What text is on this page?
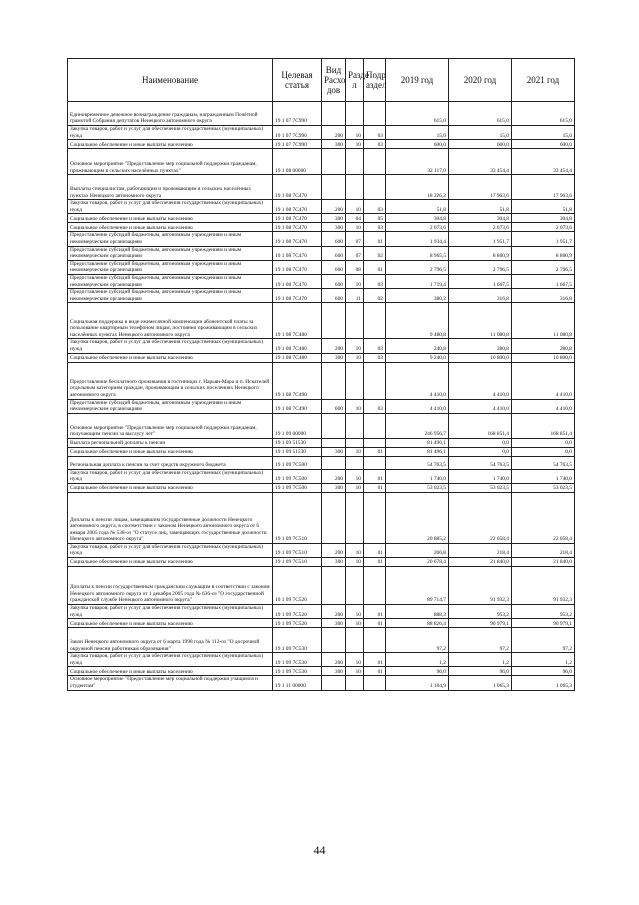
Наименование	Целевая статья	Вид Расхо дов	Разде л	Подр аздел	2019 год	2020 год	2021 год
Единовременное денежное вознаграждение гражданам, награжденным Почётной грамотой Собрания депутатов Ненецкого автономного округа	19 1 07 7С990				615,0	615,0	615,0
Закупка товаров, работ и услуг для обеспечения государственных (муниципальных) нужд	19 1 07 7С990	200	10	03	15,0	15,0	15,0
Социальное обеспечение и иные выплаты населению	19 1 07 7С990	300	10	03	600,0	600,0	600,0
Основное мероприятие "Предоставление мер социальной поддержки гражданам, проживающим в сельских населённых пунктах"	19 1 08 00000				32 117,0	33 454,4	33 454,4
Выплаты специалистам, работающим и проживающим в сельских населённых пунктах Ненецкого автономного округа	19 1 08 7С470				18 226,2	17 963,6	17 963,6
Закупка товаров, работ и услуг для обеспечения государственных (муниципальных) нужд	19 1 08 7С470	200	10	03	51,8	51,8	51,8
Социальное обеспечение и иные выплаты населению	19 1 08 7С470	300	04	05	304,8	304,8	304,8
Социальное обеспечение и иные выплаты населению	19 1 08 7С470	300	10	03	2 073,6	2 073,6	2 073,6
Предоставление субсидий бюджетным, автономным учреждениям и иным некоммерческим организациям	19 1 08 7С470	600	07	01	1 934,4	1 951,7	1 951,7
Предоставление субсидий бюджетным, автономным учреждениям и иным некоммерческим организациям	19 1 08 7С470	600	07	02	8 965,5	8 800,9	8 800,9
Предоставление субсидий бюджетным, автономным учреждениям и иным некоммерческим организациям	19 1 08 7С470	600	08	01	2 796,5	2 796,5	2 796,5
Предоставление субсидий бюджетным, автономным учреждениям и иным некоммерческим организациям	19 1 08 7С470	600	10	03	1 719,4	1 667,5	1 667,5
Предоставление субсидий бюджетным, автономным учреждениям и иным некоммерческим организациям	19 1 08 7С470	600	11	02	380,2	316,8	316,8
Социальная поддержка в виде ежемесячной компенсации абонентской платы за пользование квартирным телефоном лицам, постоянно проживающим в сельских населённых пунктах Ненецкого автономного округа	19 1 08 7С480				9 480,8	11 080,8	11 080,8
Закупка товаров, работ и услуг для обеспечения государственных (муниципальных) нужд	19 1 08 7С480	200	10	03	240,8	280,8	280,8
Социальное обеспечение и иные выплаты населению	19 1 08 7С480	300	10	03	9 240,0	10 800,0	10 800,0
Предоставление бесплатного проживания в гостиницах г. Нарьян-Мара и п. Искателей отдельным категориям граждан, проживающим в сельских поселениях Ненецкого автономного округа	19 1 08 7С490				4 410,0	4 410,0	4 410,0
Предоставление субсидий бюджетным, автономным учреждениям и иным некоммерческим организациям	19 1 08 7С490	600	10	03	4 410,0	4 410,0	4 410,0
Основное мероприятие "Предоставление мер социальной поддержки гражданам, получающим пенсии за выслугу лет"	19 1 09 00000				246 956,7	168 851,4	168 851,4
Выплата региональной доплаты к пенсии	19 1 09 51530				81 496,1	0,0	0,0
Социальное обеспечение и иные выплаты населению	19 1 09 51530	300	10	01	81 496,1	0,0	0,0
Региональная доплата к пенсии за счет средств окружного бюджета	19 1 09 7С500				54 763,5	54 763,5	54 763,5
Закупка товаров, работ и услуг для обеспечения государственных (муниципальных) нужд	19 1 09 7С500	200	10	01	1 740,0	1 740,0	1 740,0
Социальное обеспечение и иные выплаты населению	19 1 09 7С500	300	10	01	53 023,5	53 023,5	53 023,5
Доплаты к пенсии лицам, замещавшим государственные должности Ненецкого автономного округа, в соответствии с законом Ненецкого автономного округа от 6 января 2005 года № 538-оз "О статусе лиц, замещающих государственные должности Ненецкого автономного округа"	19 1 09 7С510				20 885,2	22 058,4	22 058,4
Закупка товаров, работ и услуг для обеспечения государственных (муниципальных) нужд	19 1 09 7С510	200	10	01	206,8	218,4	218,4
Социальное обеспечение и иные выплаты населению	19 1 09 7С510	300	10	01	20 678,4	21 840,0	21 840,0
Доплаты к пенсии государственным гражданским служащим в соответствии с законом Ненецкого автономного округа от 1 декабря 2005 года № 636-оз "О государственной гражданской службе Ненецкого автономного округа"	19 1 09 7С520				89 714,7	91 932,3	91 932,3
Закупка товаров, работ и услуг для обеспечения государственных (муниципальных) нужд	19 1 09 7С520	200	10	01	888,3	953,2	953,2
Социальное обеспечение и иные выплаты населению	19 1 09 7С520	300	10	01	88 826,4	90 979,1	90 979,1
Закон Ненецкого автономного округа от 6 марта 1998 года № 113-оз "О досрочной окружной пенсии работникам образования"	19 1 09 7С530				97,2	97,2	97,2
Закупка товаров, работ и услуг для обеспечения государственных (муниципальных) нужд	19 1 09 7С530	200	10	01	1,2	1,2	1,2
Социальное обеспечение и иные выплаты населению	19 1 09 7С530	300	10	01	96,0	96,0	96,0
Основное мероприятие "Предоставление мер социальной поддержки учащимся и студентам"	19 1 11 00000				1 104,9	1 065,3	1 065,3
44
